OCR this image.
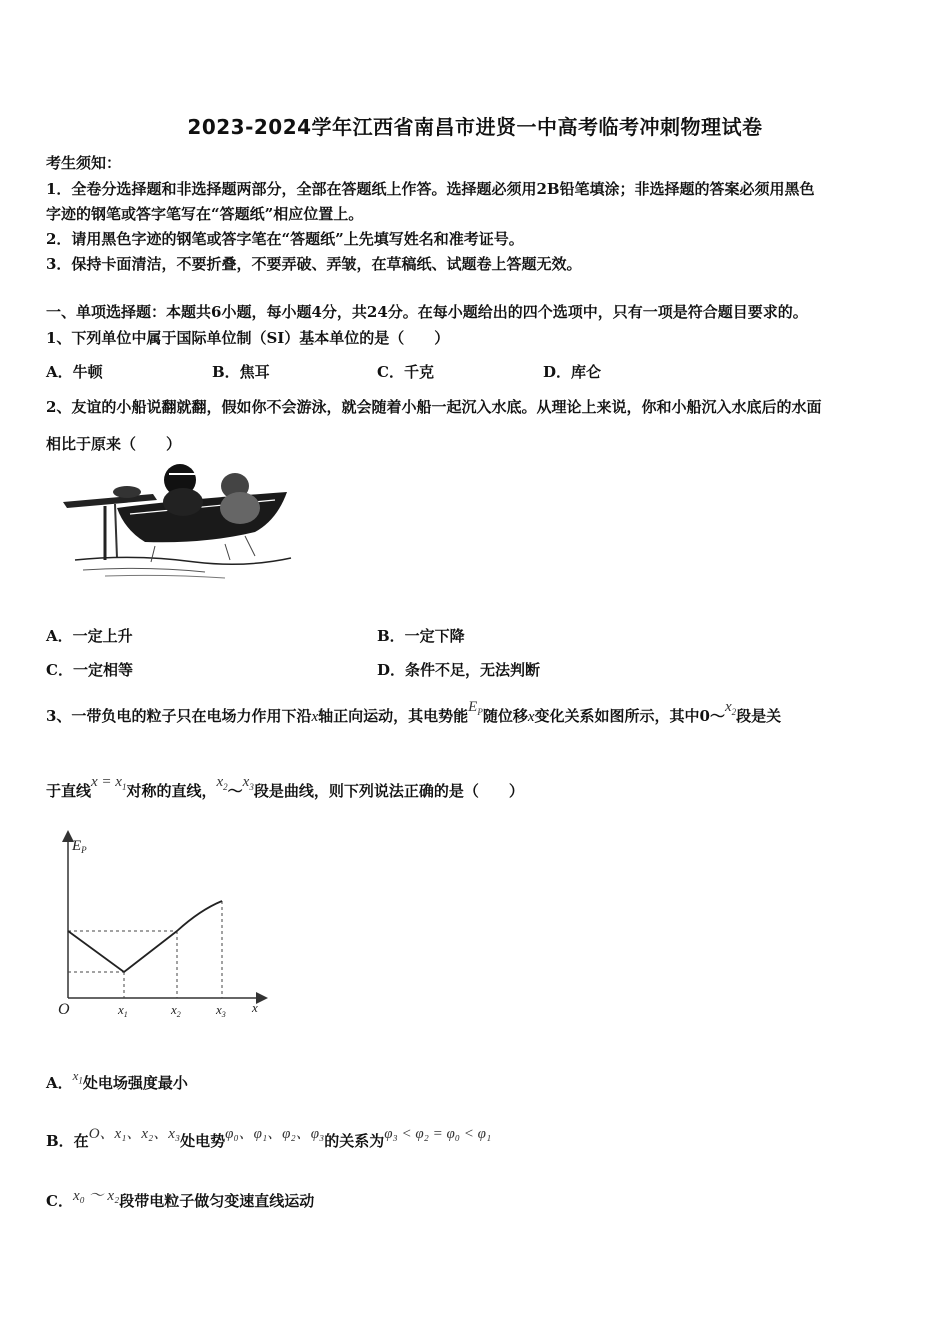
2023-2024学年江西省南昌市进贤一中高考临考冲刺物理试卷
考生须知：
1．全卷分选择题和非选择题两部分，全部在答题纸上作答。选择题必须用2B铅笔填涂；非选择题的答案必须用黑色
字迹的钢笔或答字笔写在“答题纸”相应位置上。
2．请用黑色字迹的钢笔或答字笔在“答题纸”上先填写姓名和准考证号。
3．保持卡面清洁，不要折叠，不要弄破、弄皱，在草稿纸、试题卷上答题无效。
一、单项选择题：本题共6小题，每小题4分，共24分。在每小题给出的四个选项中，只有一项是符合题目要求的。
1、下列单位中属于国际单位制（SI）基本单位的是（　　）
A．牛顿	B．焦耳	C．千克	D．库仑
2、友谊的小船说翻就翻，假如你不会游泳，就会随着小船一起沉入水底。从理论上来说，你和小船沉入水底后的水面
相比于原来（　　）
A．一定上升	B．一定下降
C．一定相等	D．条件不足，无法判断
3、一带负电的粒子只在电场力作用下沿x轴正向运动，其电势能$E_P$随位移x变化关系如图所示，其中$0\sim x_2$段是关
于直线$x = x_1$对称的直线，$x_2\sim x_3$段是曲线，则下列说法正确的是（　　）
$E_P$
O	$x_1$	$x_2$	$x_3$ x
A．$x_1$处电场强度最小
B．在O、x₁、x₂、x₃处电势φ₀、φ₁、φ₂、φ₃的关系为φ₃ < φ₂ = φ₀ < φ₁
C．x₀ ～ x₂段带电粒子做匀变速直线运动
